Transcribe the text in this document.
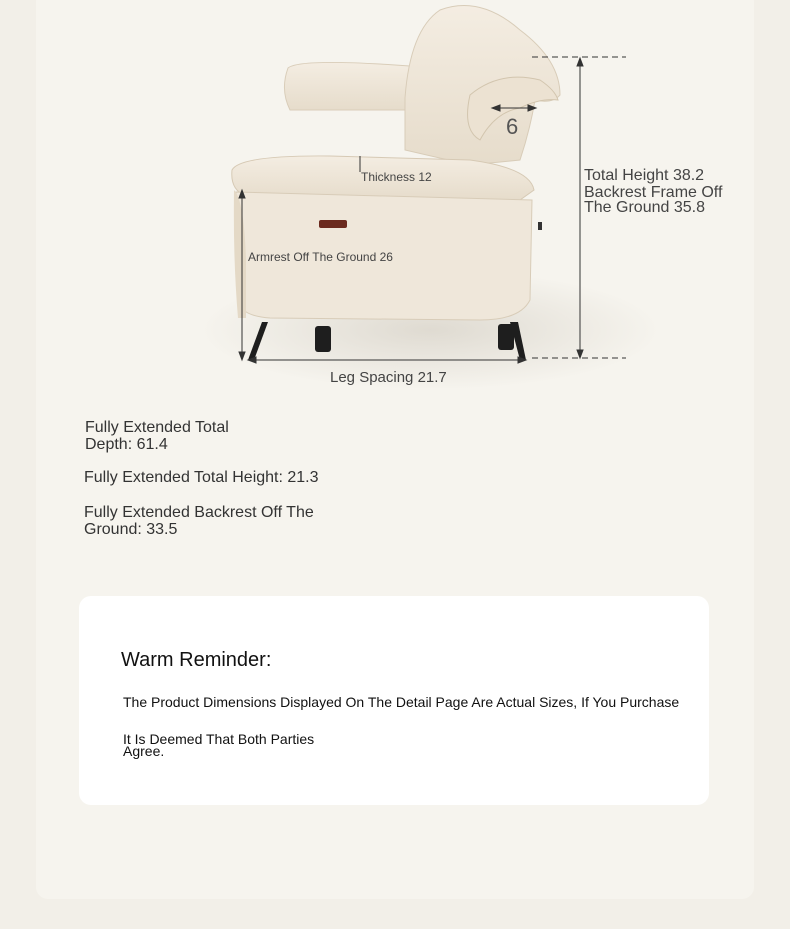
Thickness 12
6
Armrest Off The Ground 26
Leg Spacing 21.7
Total Height 38.2
Backrest Frame Off The Ground 35.8
Fully Extended Total Depth: 61.4
Fully Extended Total Height: 21.3
Fully Extended Backrest Off The Ground: 33.5
Warm Reminder:
The Product Dimensions Displayed On The Detail Page Are Actual Sizes, If You Purchase
It Is Deemed That Both Parties Agree.
